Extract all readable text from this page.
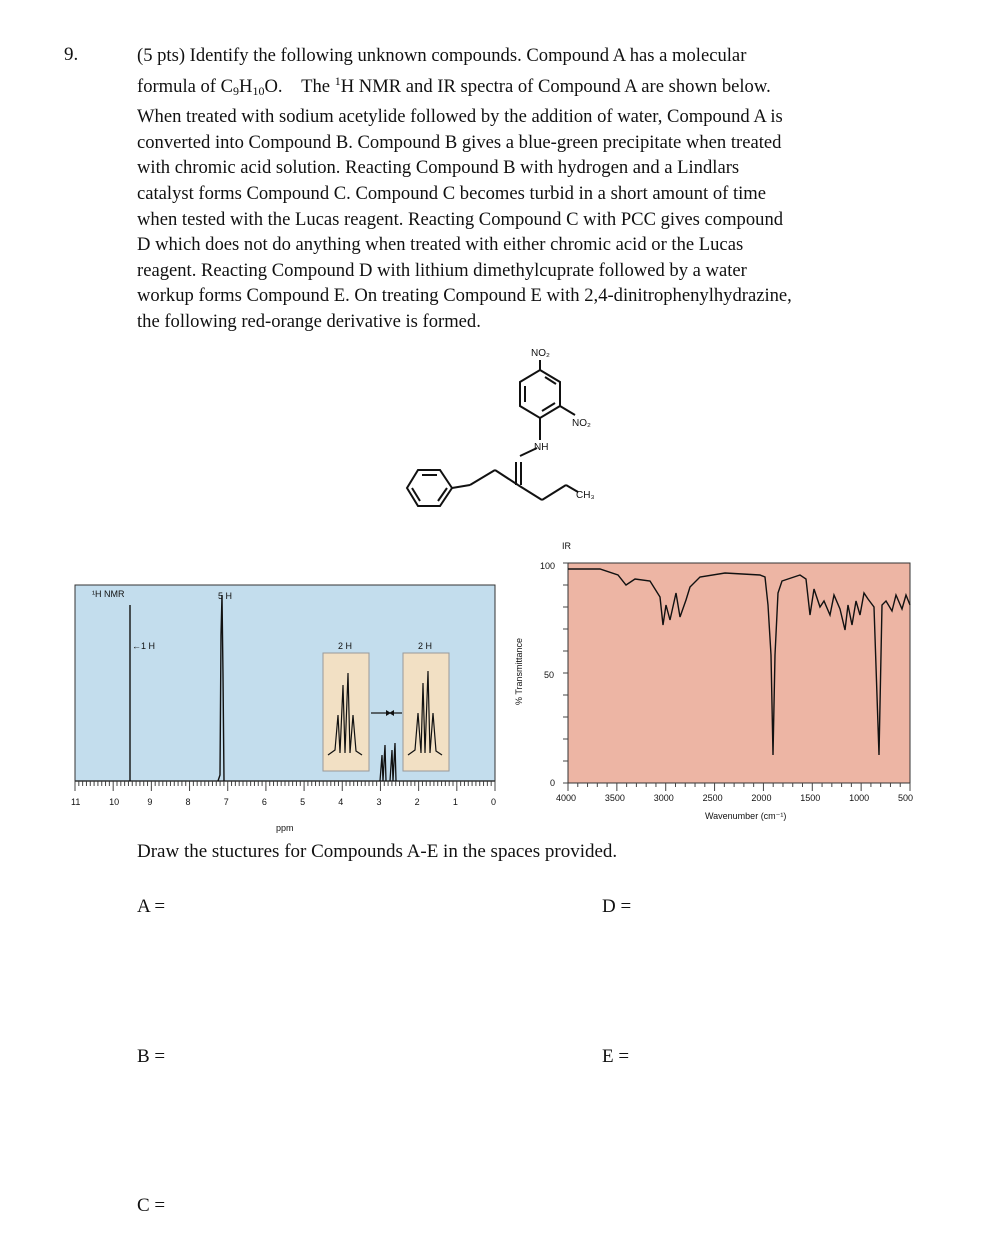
9.	(5 pts) Identify the following unknown compounds. Compound A has a molecular
formula of $C_9H_{10}O$. The $^1$H NMR and IR spectra of Compound A are shown below.
When treated with sodium acetylide followed by the addition of water, Compound A is
converted into Compound B. Compound B gives a blue-green precipitate when treated
with chromic acid solution. Reacting Compound B with hydrogen and a Lindlars
catalyst forms Compound C. Compound C becomes turbid in a short amount of time
when tested with the Lucas reagent. Reacting Compound C with PCC gives compound
D which does not do anything when treated with either chromic acid or the Lucas
reagent. Reacting Compound D with lithium dimethylcuprate followed by a water
workup forms Compound E. On treating Compound E with 2,4-dinitrophenylhydrazine,
the following red-orange derivative is formed.
NO₂
NO₂
NH
CH₃
¹H NMR
←1 H
5 H
2 H	2 H
11	10	9	8	7	6	5	4	3	2	1	0
ppm
IR
100
50
0
% Transmittance
4000	3500	3000	2500	2000	1500	1000	500
Wavenumber (cm⁻¹)
Draw the stuctures for Compounds A-E in the spaces provided.
A =	D =
B =	E =
C =
